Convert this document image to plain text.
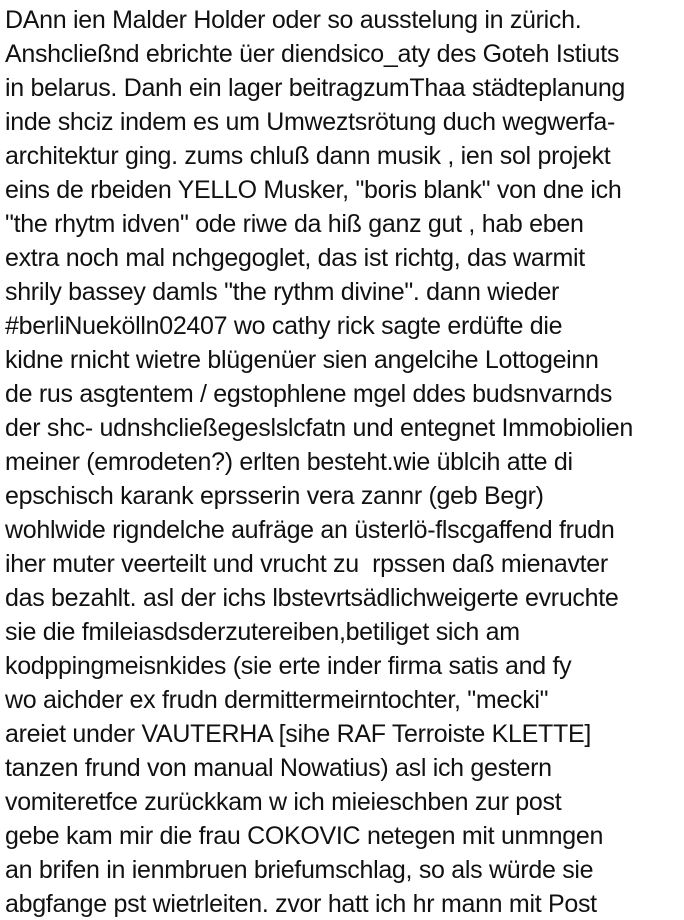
DAnn ien Malder Holder oder so ausstelung in zürich.
Anshcließnd ebrichte üer diendsico_aty des Goteh Istiuts
in belarus. Danh ein lager beitragzumThaa städteplanung
inde shciz indem es um Umweztsrötung duch wegwerfa-
architektur ging. zums chluß dann musik , ien sol projekt
eins de rbeiden YELLO Musker, "boris blank" von dne ich
"the rhytm idven" ode riwe da hiß ganz gut , hab eben
extra noch mal nchgegoglet, das ist richtg, das warmit
shrily bassey damls "the rythm divine". dann wieder
#berliNuekölln02407 wo cathy rick sagte erdüfte die
kidne rnicht wietre blügenüer sien angelcihe Lottogeinn
de rus asgtentem / egstophlene mgel ddes budsnvarnds
der shc- udnshcließegeslslcfatn und entegnet Immobiolien
meiner (emrodeten?) erlten besteht.wie üblcih atte di
epschisch karank eprsserin vera zannr (geb Begr)
wohlwide rigndelche aufräge an üsterlö-flscgaffend frudn
iher muter veerteilt und vrucht zu  rpssen daß mienavter
das bezahlt. asl der ichs lbstevrtsädlichweigerte evruchte
sie die fmileiasdsderzutereiben,betiliget sich am
kodppingmeisnkides (sie erte inder firma satis and fy
wo aichder ex frudn dermittermeirntochter, "mecki"
areiet under VAUTERHA [sihe RAF Terroiste KLETTE]
tanzen frund von manual Nowatius) asl ich gestern
vomiteretfce zurückkam w ich mieieschben zur post
gebe kam mir die frau COKOVIC netegen mit unmngen
an brifen in ienmbruen briefumschlag, so als würde sie
abgfange pst wietrleiten. zvor hatt ich hr mann mit Post
